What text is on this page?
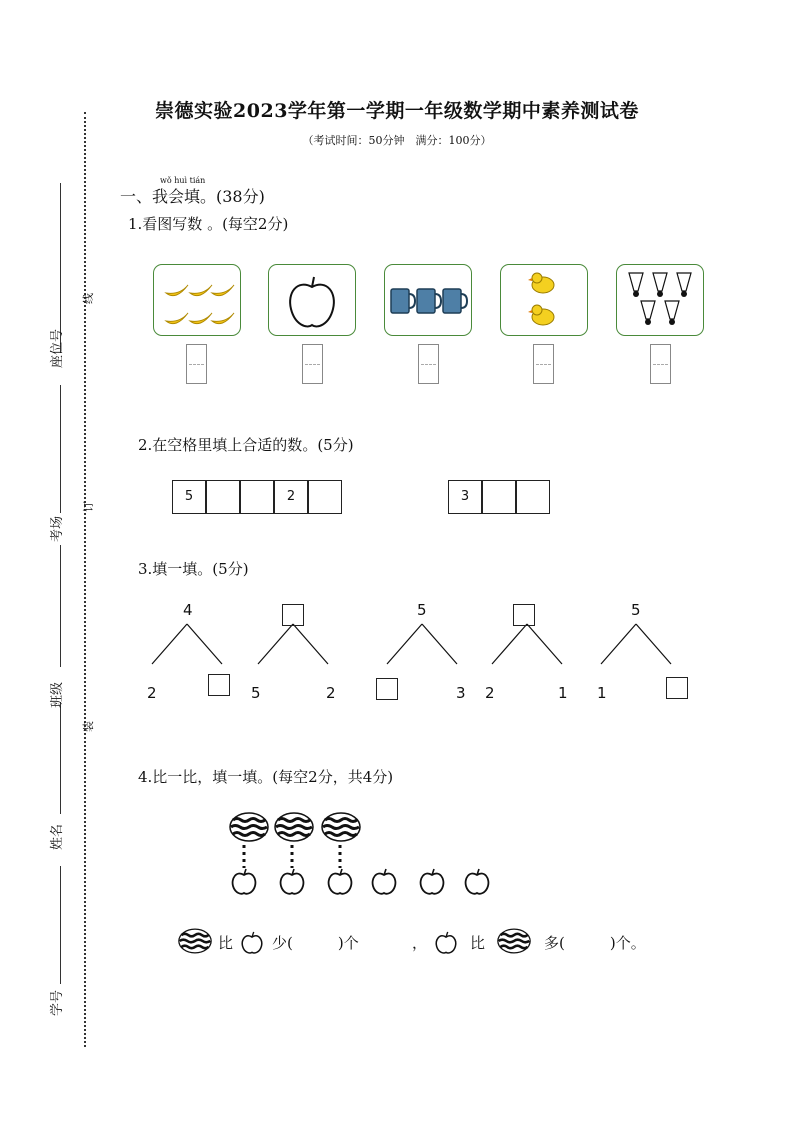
座位号
考场
班级
姓名
学号
线
订
装
崇德实验2023学年第一学期一年级数学期中素养测试卷
（考试时间：50分钟　满分：100分）
wǒ huì tián
一、我会填。(38分)
1.看图写数 。(每空2分)
2.在空格里填上合适的数。(5分)
5	2	3
3.填一填。(5分)
4
2	5	2
5
3 2	1
5
1
4.比一比，填一填。(每空2分，共4分)
比	少(　　　)个	，	比	多(　　　)个。
